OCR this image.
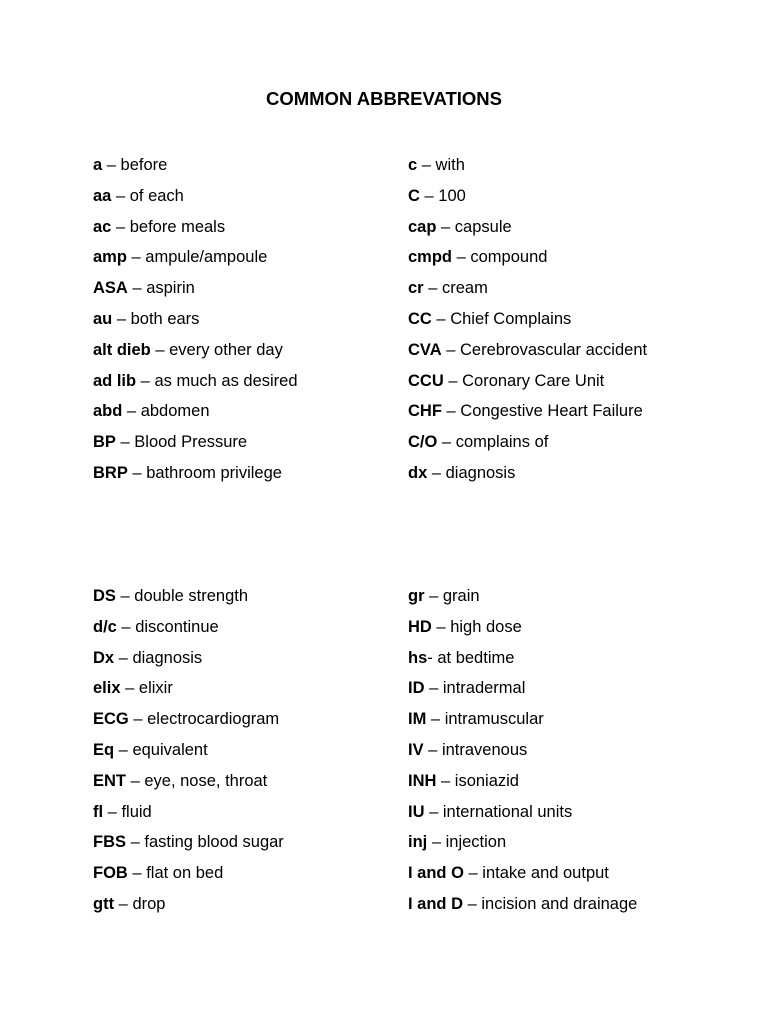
COMMON ABBREVATIONS
a – before
aa – of each
ac – before meals
amp – ampule/ampoule
ASA – aspirin
au – both ears
alt dieb – every other day
ad lib – as much as desired
abd – abdomen
BP – Blood Pressure
BRP – bathroom privilege
c – with
C – 100
cap – capsule
cmpd – compound
cr – cream
CC – Chief Complains
CVA – Cerebrovascular accident
CCU – Coronary Care Unit
CHF – Congestive Heart Failure
C/O – complains of
dx – diagnosis
DS – double strength
d/c – discontinue
Dx – diagnosis
elix – elixir
ECG – electrocardiogram
Eq – equivalent
ENT – eye, nose, throat
fl – fluid
FBS – fasting blood sugar
FOB – flat on bed
gtt – drop
gr – grain
HD – high dose
hs- at bedtime
ID – intradermal
IM – intramuscular
IV – intravenous
INH – isoniazid
IU – international units
inj – injection
I and O – intake and output
I and D – incision and drainage
